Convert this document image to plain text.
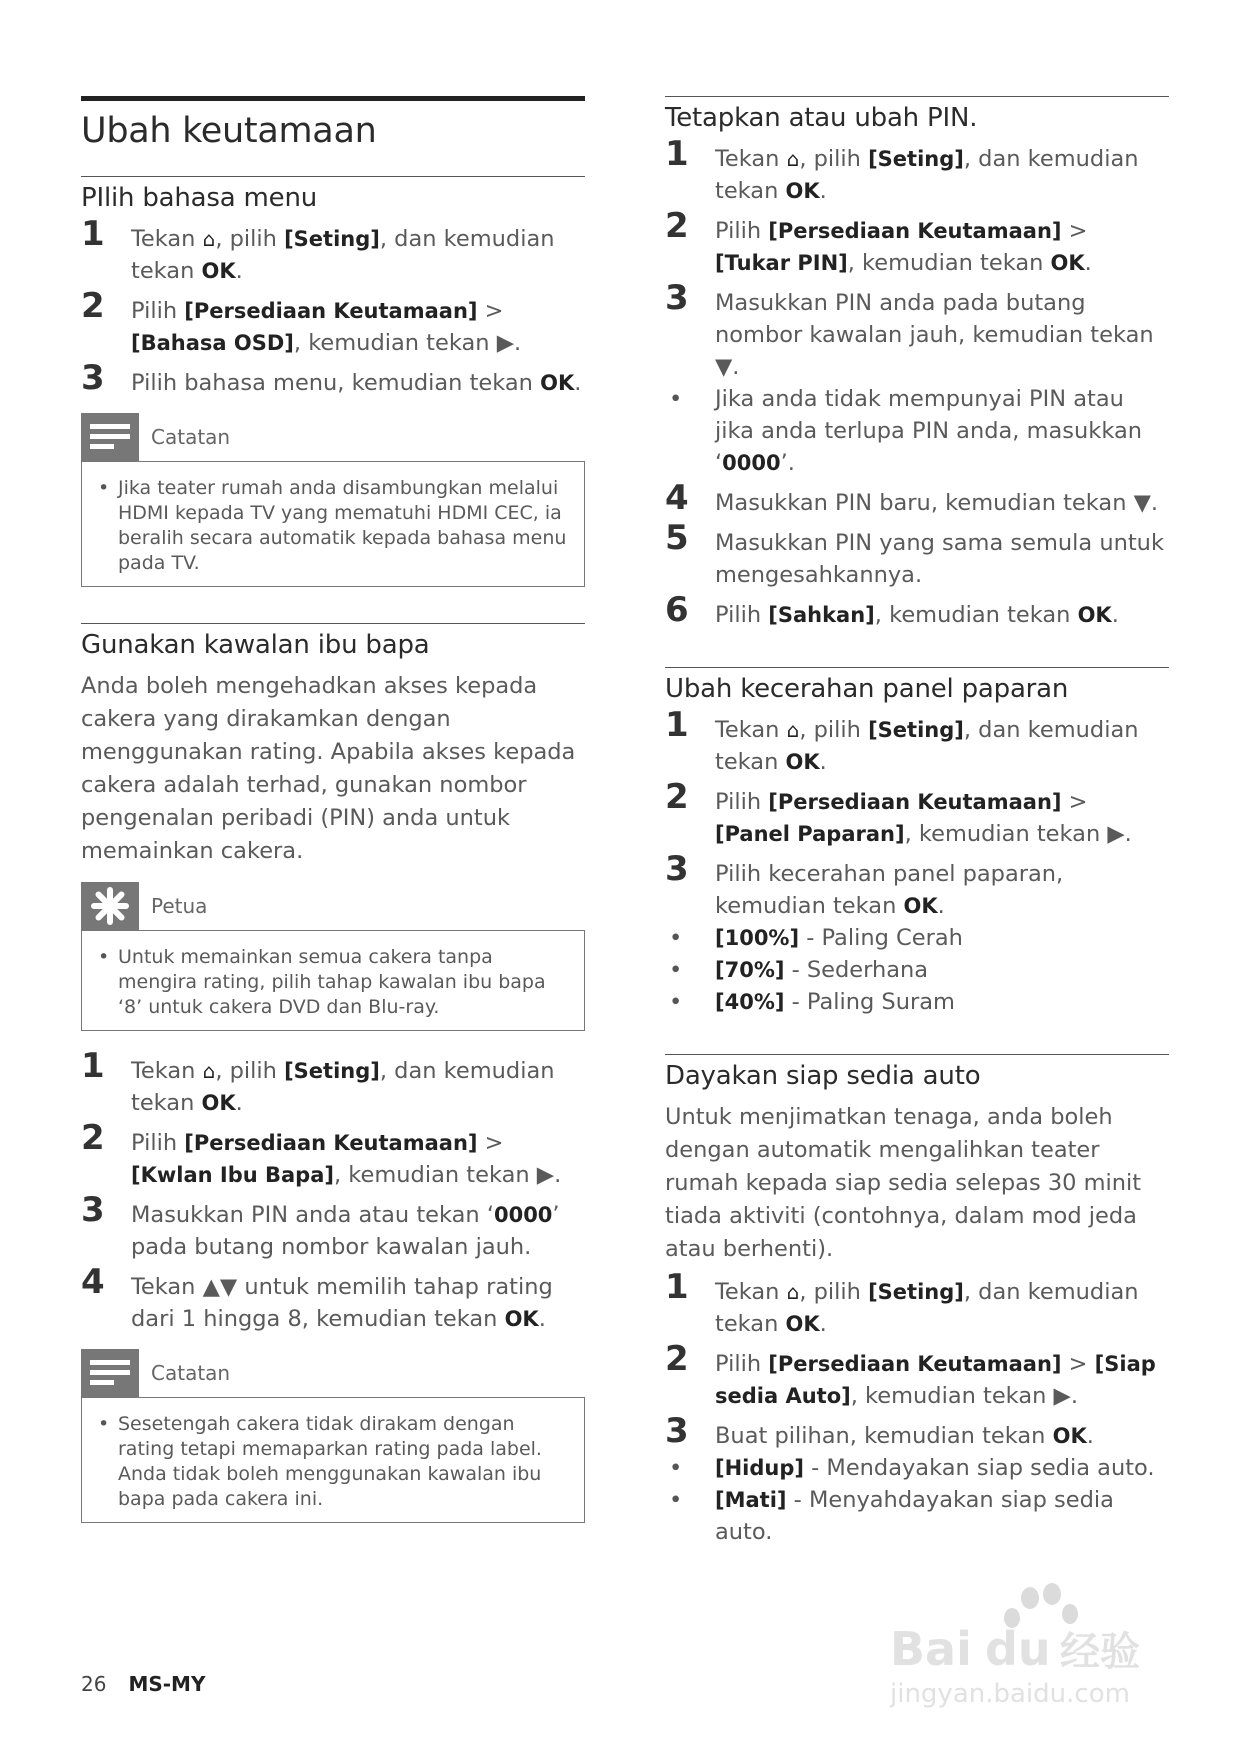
Ubah keutamaan
PIlih bahasa menu
1 Tekan ⌂, pilih [Seting], dan kemudian tekan OK.
2 Pilih [Persediaan Keutamaan] > [Bahasa OSD], kemudian tekan ▶.
3 Pilih bahasa menu, kemudian tekan OK.
Catatan
• Jika teater rumah anda disambungkan melalui HDMI kepada TV yang mematuhi HDMI CEC, ia beralih secara automatik kepada bahasa menu pada TV.
Gunakan kawalan ibu bapa

Anda boleh mengehadkan akses kepada cakera yang dirakamkan dengan menggunakan rating. Apabila akses kepada cakera adalah terhad, gunakan nombor pengenalan peribadi (PIN) anda untuk memainkan cakera.

Petua
• Untuk memainkan semua cakera tanpa mengira rating, pilih tahap kawalan ibu bapa ‘8’ untuk cakera DVD dan Blu-ray.
1 Tekan ⌂, pilih [Seting], dan kemudian tekan OK.
2 Pilih [Persediaan Keutamaan] > [Kwlan Ibu Bapa], kemudian tekan ▶.
3 Masukkan PIN anda atau tekan ‘0000’ pada butang nombor kawalan jauh.
4 Tekan ▲▼ untuk memilih tahap rating dari 1 hingga 8, kemudian tekan OK.
Catatan
• Sesetengah cakera tidak dirakam dengan rating tetapi memaparkan rating pada label. Anda tidak boleh menggunakan kawalan ibu bapa pada cakera ini.
Tetapkan atau ubah PIN.
1 Tekan ⌂, pilih [Seting], dan kemudian tekan OK.
2 Pilih [Persediaan Keutamaan] > [Tukar PIN], kemudian tekan OK.
3 Masukkan PIN anda pada butang nombor kawalan jauh, kemudian tekan ▼.
• Jika anda tidak mempunyai PIN atau jika anda terlupa PIN anda, masukkan ‘0000’.
4 Masukkan PIN baru, kemudian tekan ▼.
5 Masukkan PIN yang sama semula untuk mengesahkannya.
6 Pilih [Sahkan], kemudian tekan OK.
Ubah kecerahan panel paparan
1 Tekan ⌂, pilih [Seting], dan kemudian tekan OK.
2 Pilih [Persediaan Keutamaan] > [Panel Paparan], kemudian tekan ▶.
3 Pilih kecerahan panel paparan, kemudian tekan OK.
• [100%] - Paling Cerah
• [70%] - Sederhana
• [40%] - Paling Suram
Dayakan siap sedia auto

Untuk menjimatkan tenaga, anda boleh dengan automatik mengalihkan teater rumah kepada siap sedia selepas 30 minit tiada aktiviti (contohnya, dalam mod jeda atau berhenti).

1 Tekan ⌂, pilih [Seting], dan kemudian tekan OK.
2 Pilih [Persediaan Keutamaan] > [Siap sedia Auto], kemudian tekan ▶.
3 Buat pilihan, kemudian tekan OK.
• [Hidup] - Mendayakan siap sedia auto.
• [Mati] - Menyahdayakan siap sedia auto.
26 MS-MY
Bai du 经验
jingyan.baidu.com
